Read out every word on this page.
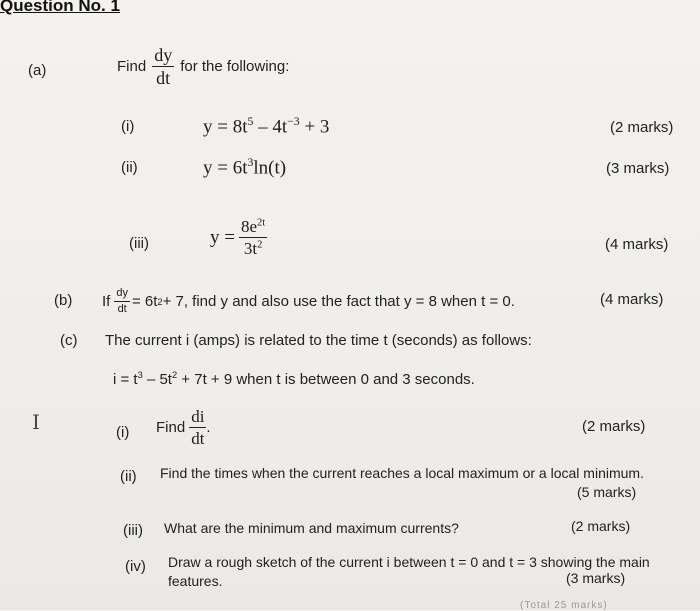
Question No. 1
(a)	Find $\frac{dy}{dt}$ for the following:
(i)	$y = 8t^5 - 4t^{-3} + 3$	(2 marks)
(ii)	$y = 6t^3\ln(t)$	(3 marks)
(iii)	$y = \frac{8e^{2t}}{3t^2}$	(4 marks)
(b) If $\frac{dy}{dt} = 6t$ 2 + 7, find y and also use the fact that y = 8 when t = 0.	(4 marks)
(c) The current i (amps) is related to the time t (seconds) as follows:
$i = t^3 - 5t^2 + 7t + 9$ when t is between 0 and 3 seconds.
I	(i) Find $\frac{di}{dt}$ .	(2 marks)
(ii) Find the times when the current reaches a local maximum or a local minimum.
(5 marks)
(iii) What are the minimum and maximum currents?	(2 marks)
(iv) Draw a rough sketch of the current i between t = 0 and t = 3 showing the main
features.	(3 marks)
(Total 25 marks)
